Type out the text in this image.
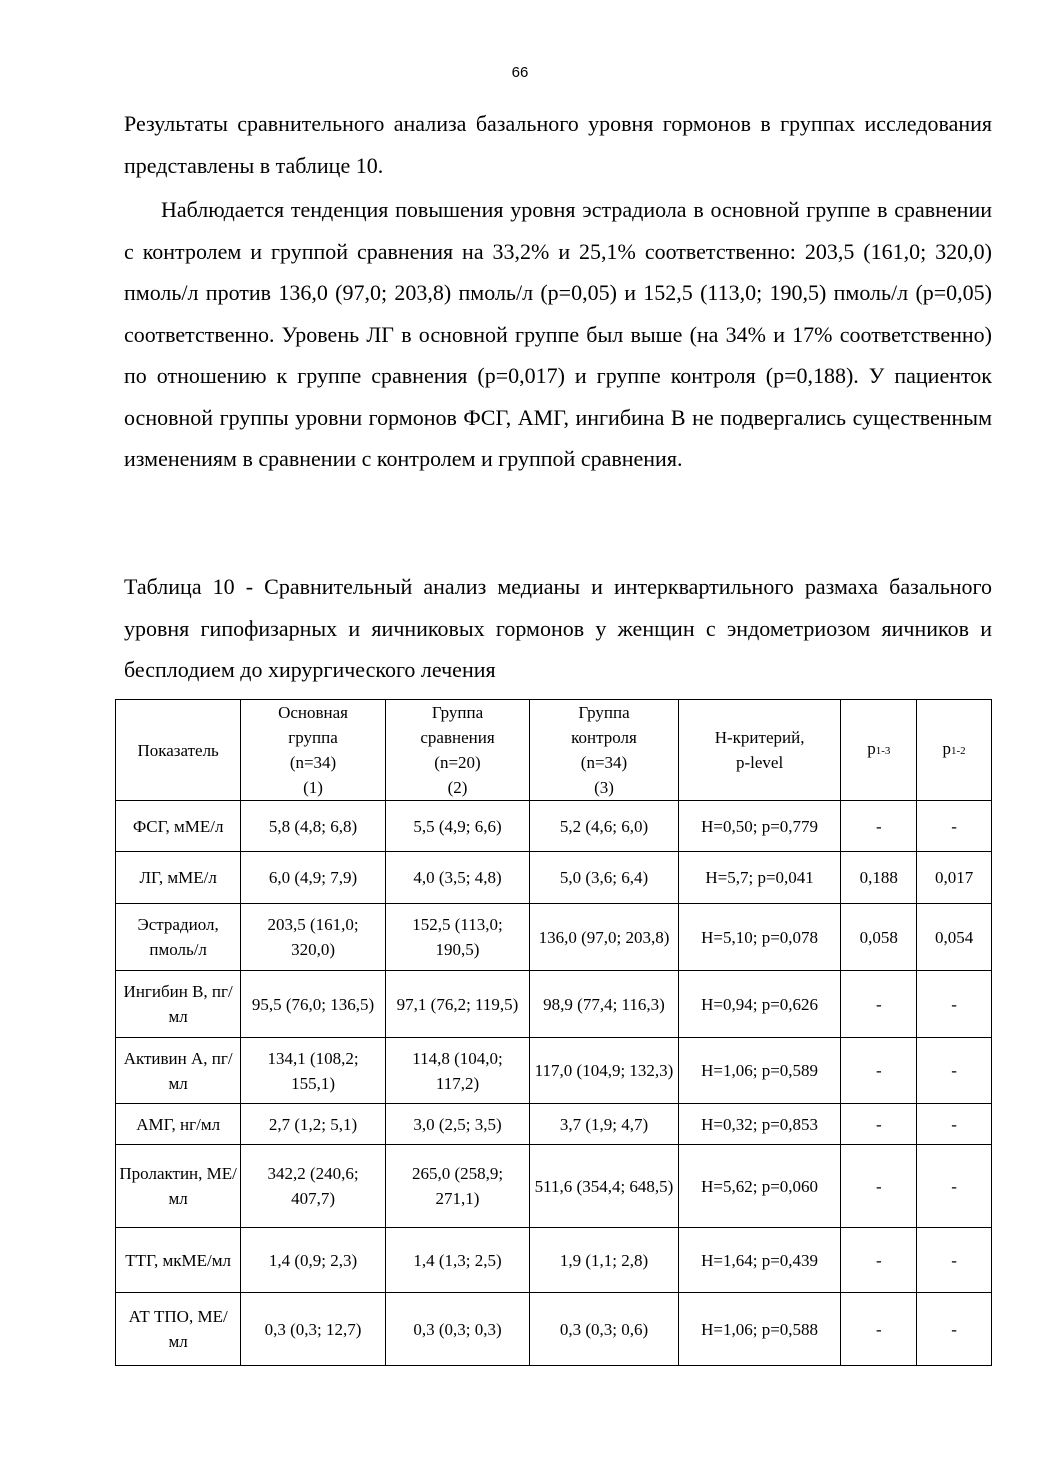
66

Результаты сравнительного анализа базального уровня гормонов в группах исследования представлены в таблице 10.

Наблюдается тенденция повышения уровня эстрадиола в основной группе в сравнении с контролем и группой сравнения на 33,2% и 25,1% соответственно: 203,5 (161,0; 320,0) пмоль/л против 136,0 (97,0; 203,8) пмоль/л (р=0,05) и 152,5 (113,0; 190,5) пмоль/л (р=0,05) соответственно. Уровень ЛГ в основной группе был выше (на 34% и 17% соответственно) по отношению к группе сравнения (р=0,017) и группе контроля (р=0,188). У пациенток основной группы уровни гормонов ФСГ, АМГ, ингибина В не подвергались существенным изменениям в сравнении с контролем и группой сравнения.

Таблица 10 - Сравнительный анализ медианы и интерквартильного размаха базального уровня гипофизарных и яичниковых гормонов у женщин с эндометриозом яичников и бесплодием до хирургического лечения

Показатель	Основная
группа
(n=34)
(1)	Группа
сравнения
(n=20)
(2)	Группа
контроля
(n=34)
(3)	H-критерий,
p-level	р1-3	р1-2
ФСГ, мМЕ/л	5,8 (4,8; 6,8)	5,5 (4,9; 6,6)	5,2 (4,6; 6,0)	H=0,50; p=0,779	-	-
ЛГ, мМЕ/л	6,0 (4,9; 7,9)	4,0 (3,5; 4,8)	5,0 (3,6; 6,4)	H=5,7; p=0,041	0,188	0,017
Эстрадиол, пмоль/л	203,5 (161,0; 320,0)	152,5 (113,0; 190,5)	136,0 (97,0; 203,8)	H=5,10; p=0,078	0,058	0,054
Ингибин В, пг/мл	95,5 (76,0; 136,5)	97,1 (76,2; 119,5)	98,9 (77,4; 116,3)	H=0,94; p=0,626	-	-
Активин А, пг/мл	134,1 (108,2; 155,1)	114,8 (104,0; 117,2)	117,0 (104,9; 132,3)	H=1,06; p=0,589	-	-
АМГ, нг/мл	2,7 (1,2; 5,1)	3,0 (2,5; 3,5)	3,7 (1,9; 4,7)	H=0,32; p=0,853	-	-
Пролактин, МЕ/мл	342,2 (240,6; 407,7)	265,0 (258,9; 271,1)	511,6 (354,4; 648,5)	H=5,62; p=0,060	-	-
ТТГ, мкМЕ/мл	1,4 (0,9; 2,3)	1,4 (1,3; 2,5)	1,9 (1,1; 2,8)	H=1,64; p=0,439	-	-
АТ ТПО, МЕ/мл	0,3 (0,3; 12,7)	0,3 (0,3; 0,3)	0,3 (0,3; 0,6)	H=1,06; p=0,588	-	-
